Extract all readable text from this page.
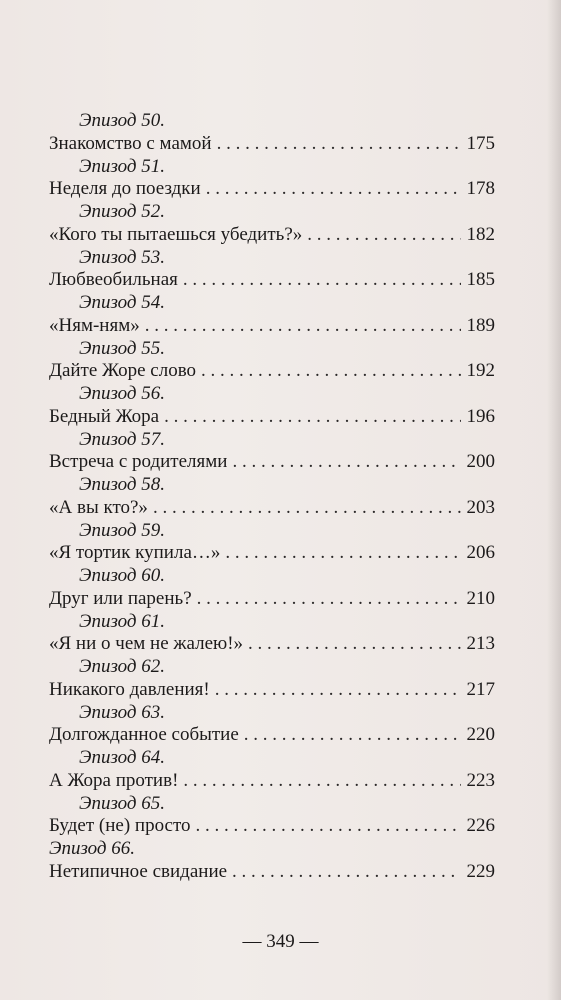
Эпизод 50.
Знакомство с мамой . . .	175
Эпизод 51.
Неделя до поездки . . .	178
Эпизод 52.
«Кого ты пытаешься убедить?» . . .	182
Эпизод 53.
Любвеобильная . . .	185
Эпизод 54.
«Ням-ням» . . .	189
Эпизод 55.
Дайте Жоре слово . . .	192
Эпизод 56.
Бедный Жора . . .	196
Эпизод 57.
Встреча с родителями . . .	200
Эпизод 58.
«А вы кто?» . . .	203
Эпизод 59.
«Я тортик купила…» . . .	206
Эпизод 60.
Друг или парень? . . .	210
Эпизод 61.
«Я ни о чем не жалею!» . . .	213
Эпизод 62.
Никакого давления! . . .	217
Эпизод 63.
Долгожданное событие . . .	220
Эпизод 64.
А Жора против! . . .	223
Эпизод 65.
Будет (не) просто . . .	226
Эпизод 66.
Нетипичное свидание . . .	229
— 349 —
